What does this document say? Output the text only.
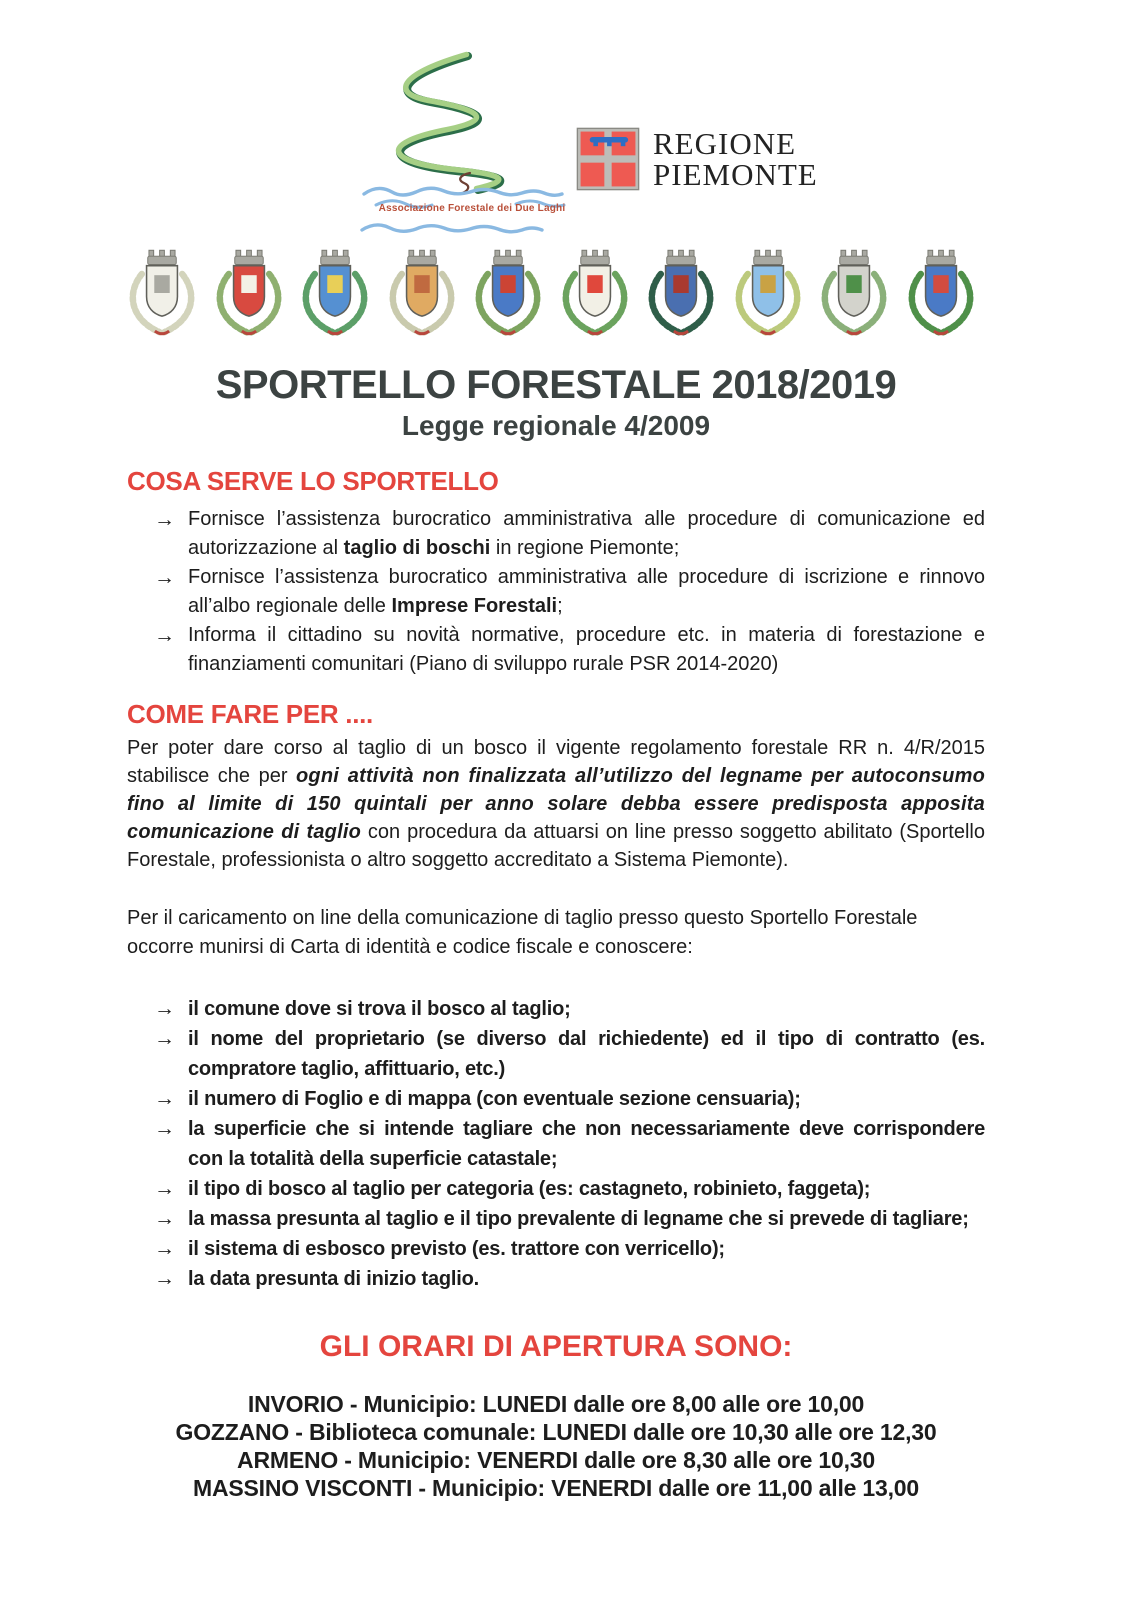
Associazione Forestale dei Due Laghi
REGIONE
PIEMONTE
SPORTELLO FORESTALE 2018/2019
Legge regionale 4/2009
COSA SERVE LO SPORTELLO
→ Fornisce l’assistenza burocratico amministrativa alle procedure di comunicazione ed autorizzazione al taglio di boschi in regione Piemonte;

→ Fornisce l’assistenza burocratico amministrativa alle procedure di iscrizione e rinnovo all’albo regionale delle Imprese Forestali;

→ Informa il cittadino su novità normative, procedure etc. in materia di forestazione e finanziamenti comunitari (Piano di sviluppo rurale PSR 2014-2020)

COME FARE PER ....

Per poter dare corso al taglio di un bosco il vigente regolamento forestale RR n. 4/R/2015 stabilisce che per ogni attività non finalizzata all’utilizzo del legname per autoconsumo fino al limite di 150 quintali per anno solare debba essere predisposta apposita comunicazione di taglio con procedura da attuarsi on line presso soggetto abilitato (Sportello Forestale, professionista o altro soggetto accreditato a Sistema Piemonte).

Per il caricamento on line della comunicazione di taglio presso questo Sportello Forestale occorre munirsi di Carta di identità e codice fiscale e conoscere:

→ il comune dove si trova il bosco al taglio;

→ il nome del proprietario (se diverso dal richiedente) ed il tipo di contratto (es. compratore taglio, affittuario, etc.)

→ il numero di Foglio e di mappa (con eventuale sezione censuaria);

→ la superficie che si intende tagliare che non necessariamente deve corrispondere con la totalità della superficie catastale;

→ il tipo di bosco al taglio per categoria (es: castagneto, robinieto, faggeta);

→ la massa presunta al taglio e il tipo prevalente di legname che si prevede di tagliare;

→ il sistema di esbosco previsto (es. trattore con verricello);

→ la data presunta di inizio taglio.

GLI ORARI DI APERTURA SONO:

INVORIO - Municipio: LUNEDI dalle ore 8,00 alle ore 10,00

GOZZANO - Biblioteca comunale: LUNEDI dalle ore 10,30 alle ore 12,30

ARMENO - Municipio: VENERDI dalle ore 8,30 alle ore 10,30

MASSINO VISCONTI - Municipio: VENERDI dalle ore 11,00 alle 13,00
